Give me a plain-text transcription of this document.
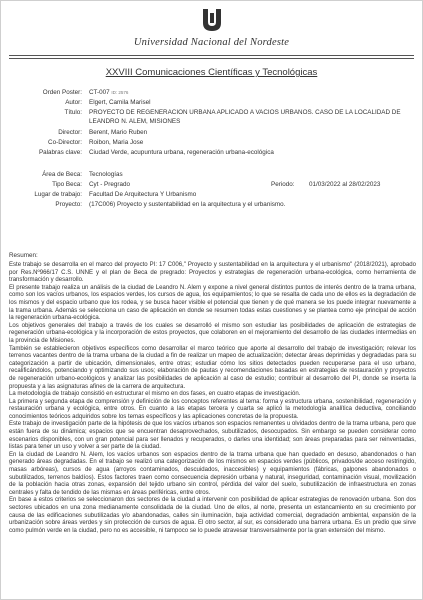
Universidad Nacional del Nordeste
XXVIII Comunicaciones Científicas y Tecnológicas
Orden Poster: CT-007 ID: 2576
Autor: Elgert, Camila Marisel
Título: PROYECTO DE REGENERACION URBANA APLICADO A VACIOS URBANOS. CASO DE LA LOCALIDAD DE LEANDRO N. ALEM, MISIONES
Director: Berent, Mario Ruben
Co-Director: Roibon, Maria Jose
Palabras clave: Ciudad Verde, acupuntura urbana, regeneración urbana-ecológica
Área de Beca: Tecnologías
Tipo Beca: Cyt - Pregrado	Periodo: 01/03/2022 al 28/02/2023
Lugar de trabajo: Facultad De Arquitectura Y Urbanismo
Proyecto: (17C006) Proyecto y sustentabilidad en la arquitectura y el urbanismo.
Resumen:

Este trabajo se desarrolla en el marco del proyecto PI: 17 C006," Proyecto y sustentabilidad en la arquitectura y el urbanismo" (2018/2021), aprobado por Res.Nº966/17 C.S. UNNE y el plan de Beca de pregrado: Proyectos y estrategias de regeneración urbana-ecológica, como herramienta de transformación y desarrollo.

El presente trabajo realiza un análisis de la ciudad de Leandro N. Alem y expone a nivel general distintos puntos de interés dentro de la trama urbana, como son los vacíos urbanos, los espacios verdes, los cursos de agua, los equipamientos; lo que se resalta de cada uno de ellos es la degradación de los mismos y del espacio urbano que los rodea, y se busca hacer visible el potencial que tienen y de qué manera se los puede integrar nuevamente a la trama urbana. Además se selecciona un caso de aplicación en donde se resumen todas estas cuestiones y se plantea como eje principal de acción la regeneración urbana-ecológica.

Los objetivos generales del trabajo a través de los cuales se desarrolló el mismo son estudiar las posibilidades de aplicación de estrategias de regeneración urbana-ecológica y la incorporación de estos proyectos, que colaboren en el mejoramiento del desarrollo de las ciudades intermedias en la provincia de Misiones.

También se establecieron objetivos específicos como desarrollar el marco teórico que aporte al desarrollo del trabajo de investigación; relevar los terrenos vacantes dentro de la trama urbana de la ciudad a fin de realizar un mapeo de actualización; detectar áreas deprimidas y degradadas para su categorización a partir de ubicación, dimensionales, entre otras; estudiar cómo los sitios detectados pueden recuperarse para el uso urbano, recalificándolos, potenciando y optimizando sus usos; elaboración de pautas y recomendaciones basadas en estrategias de restauración y proyectos de regeneración urbano-ecológicos y analizar las posibilidades de aplicación al caso de estudio; contribuir al desarrollo del PI, donde se inserta la propuesta y a las asignaturas afines de la carrera de arquitectura.

La metodología de trabajo consistió en estructurar el mismo en dos fases, en cuatro etapas de investigación.

La primera y segunda etapa de comprensión y definición de los conceptos referentes al tema: forma y estructura urbana, sostenibilidad, regeneración y restauración urbana y ecológica, entre otros. En cuanto a las etapas tercera y cuarta se aplicó la metodología analítica deductiva, conciliando conocimientos teóricos adquiridos sobre los temas específicos y las aplicaciones concretas de la propuesta.

Este trabajo de investigación parte de la hipótesis de que los vacíos urbanos son espacios remanentes u olvidados dentro de la trama urbana, pero que están fuera de su dinámica; espacios que se encuentran desaprovechados, subutilizados, desocupados. Sin embargo se pueden considerar como escenarios disponibles, con un gran potencial para ser llenados y recuperados, o darles una identidad; son áreas preparadas para ser reinventadas, listas para tener un uso y volver a ser parte de la ciudad.

En la ciudad de Leandro N. Alem, los vacíos urbanos son espacios dentro de la trama urbana que han quedado en desuso, abandonados o han generado áreas degradadas. En el trabajo se realizó una categorización de los mismos en espacios verdes (públicos, privados/de acceso restringido, masas arbóreas), cursos de agua (arroyos contaminados, descuidados, inaccesibles) y equipamientos (fábricas, galpones abandonados o subutilizados, terrenos baldíos). Estos factores traen como consecuencia depresión urbana y natural, inseguridad, contaminación visual, movilización de la población hacia otras zonas, expansión del tejido urbano sin control, pérdida del valor del suelo, subutilización de infraestructura en zonas centrales y falta de tendido de las mismas en áreas periféricas, entre otros.

En base a estos criterios se seleccionaron dos sectores de la ciudad a intervenir con posibilidad de aplicar estrategias de renovación urbana. Son dos sectores ubicados en una zona medianamente consolidada de la ciudad. Uno de ellos, al norte, presenta un estancamiento en su crecimiento por causa de las edificaciones subutilizadas y/o abandonadas, calles sin iluminación, baja actividad comercial, degradación ambiental, expansión de la urbanización sobre áreas verdes y sin protección de cursos de agua. El otro sector, al sur, es considerado una barrera urbana. Es un predio que sirve como pulmón verde en la ciudad, pero no es accesible, ni tampoco se lo puede atravesar transversalmente por la gran extensión del mismo.
